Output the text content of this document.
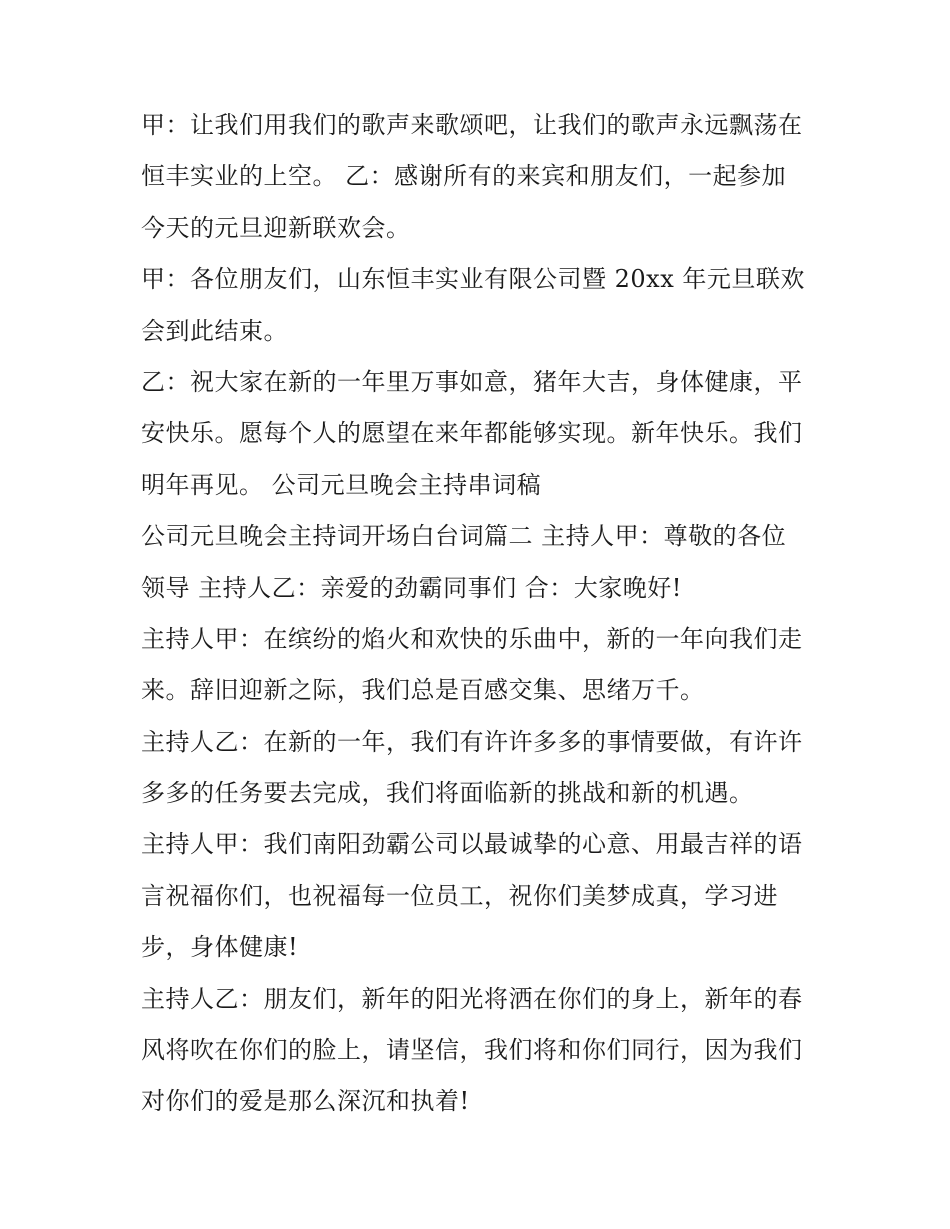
甲：让我们用我们的歌声来歌颂吧，让我们的歌声永远飘荡在
恒丰实业的上空。 乙：感谢所有的来宾和朋友们，一起参加
今天的元旦迎新联欢会。
甲：各位朋友们，山东恒丰实业有限公司暨 20xx 年元旦联欢
会到此结束。
乙：祝大家在新的一年里万事如意，猪年大吉，身体健康，平
安快乐。愿每个人的愿望在来年都能够实现。新年快乐。我们
明年再见。 公司元旦晚会主持串词稿
公司元旦晚会主持词开场白台词篇二 主持人甲：尊敬的各位
领导 主持人乙：亲爱的劲霸同事们 合：大家晚好!
主持人甲：在缤纷的焰火和欢快的乐曲中，新的一年向我们走
来。辞旧迎新之际，我们总是百感交集、思绪万千。
主持人乙：在新的一年，我们有许许多多的事情要做，有许许
多多的任务要去完成，我们将面临新的挑战和新的机遇。
主持人甲：我们南阳劲霸公司以最诚挚的心意、用最吉祥的语
言祝福你们，也祝福每一位员工，祝你们美梦成真，学习进
步，身体健康!
主持人乙：朋友们，新年的阳光将洒在你们的身上，新年的春
风将吹在你们的脸上，请坚信，我们将和你们同行，因为我们
对你们的爱是那么深沉和执着!
